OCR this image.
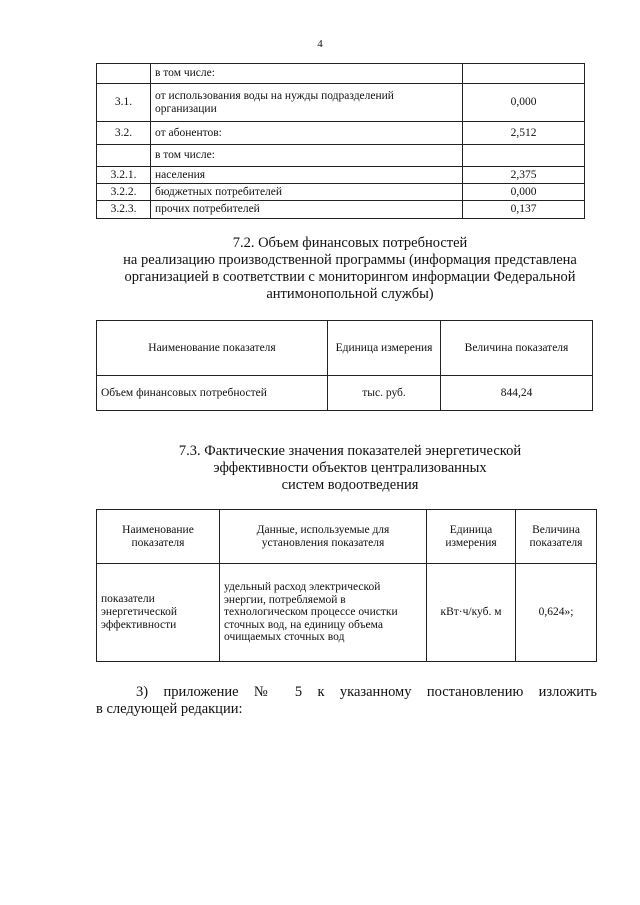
4
	в том числе:	
3.1.	от использования воды на нужды подразделений организации	0,000
3.2.	от абонентов:	2,512
	в том числе:	
3.2.1.	населения	2,375
3.2.2.	бюджетных потребителей	0,000
3.2.3.	прочих потребителей	0,137
7.2. Объем финансовых потребностей
на реализацию производственной программы (информация представлена
организацией в соответствии с мониторингом информации Федеральной
антимонопольной службы)
Наименование показателя	Единица измерения	Величина показателя
Объем финансовых потребностей	тыс. руб.	844,24
7.3. Фактические значения показателей энергетической
эффективности объектов централизованных
систем водоотведения
Наименование показателя	Данные, используемые для установления показателя	Единица измерения	Величина показателя
показатели энергетической эффективности	удельный расход электрической энергии, потребляемой в технологическом процессе очистки сточных вод, на единицу объема очищаемых сточных вод	кВт·ч/куб. м	0,624»;
3) приложение № 5 к указанному постановлению изложить
в следующей редакции:
